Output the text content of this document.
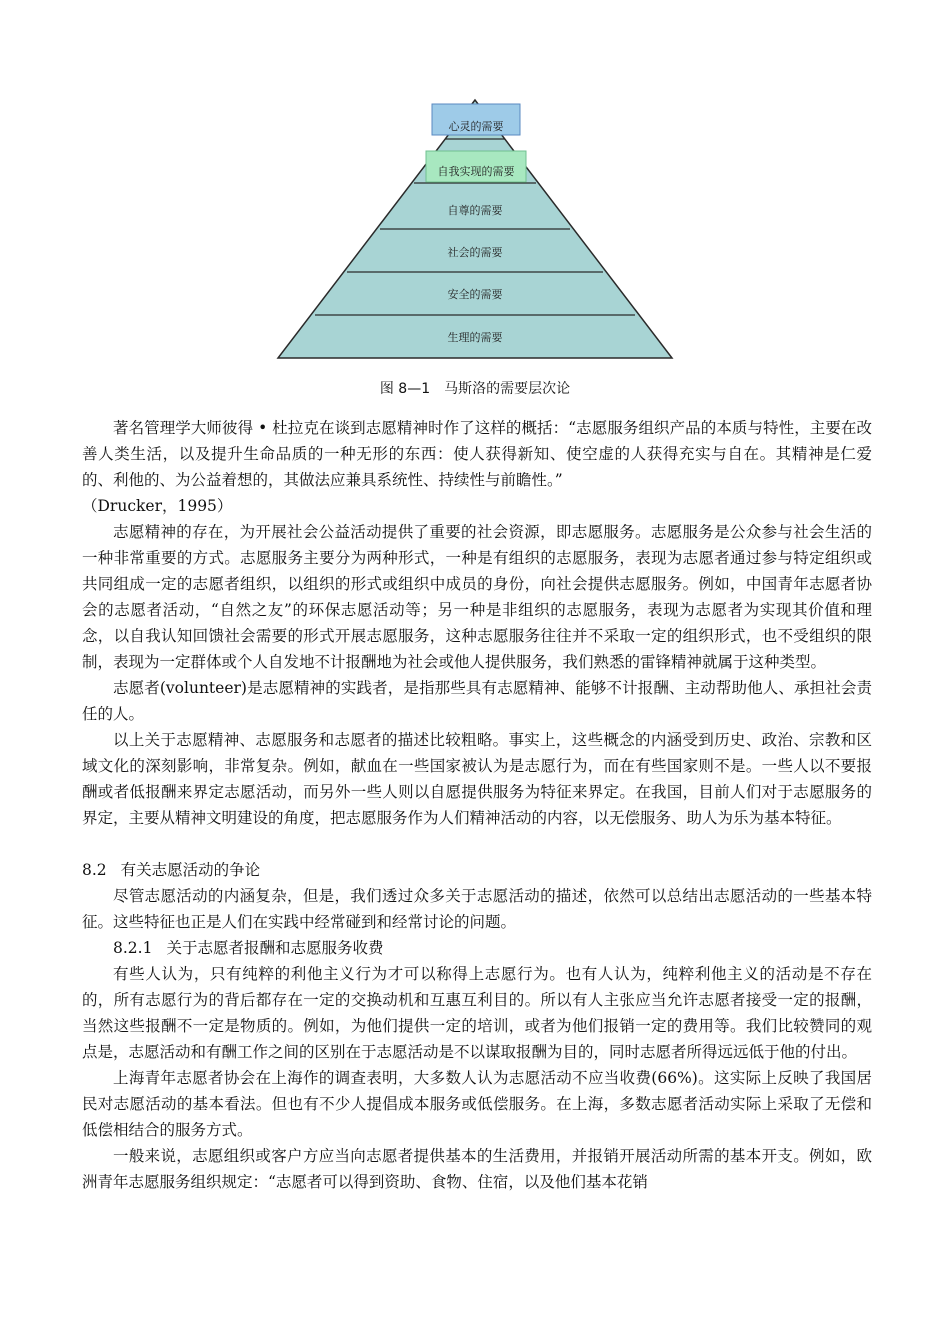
心灵的需要
自我实现的需要
自尊的需要
社会的需要
安全的需要
生理的需要
图 8—1 马斯洛的需要层次论

著名管理学大师彼得 • 杜拉克在谈到志愿精神时作了这样的概括：“志愿服务组织产品的本质与特性，主要在改善人类生活，以及提升生命品质的一种无形的东西：使人获得新知、使空虚的人获得充实与自在。其精神是仁爱的、利他的、为公益着想的，其做法应兼具系统性、持续性与前瞻性。”

（Drucker，1995）

志愿精神的存在，为开展社会公益活动提供了重要的社会资源，即志愿服务。志愿服务是公众参与社会生活的一种非常重要的方式。志愿服务主要分为两种形式，一种是有组织的志愿服务，表现为志愿者通过参与特定组织或共同组成一定的志愿者组织，以组织的形式或组织中成员的身份，向社会提供志愿服务。例如，中国青年志愿者协会的志愿者活动，“自然之友”的环保志愿活动等；另一种是非组织的志愿服务，表现为志愿者为实现其价值和理念，以自我认知回馈社会需要的形式开展志愿服务，这种志愿服务往往并不采取一定的组织形式，也不受组织的限制，表现为一定群体或个人自发地不计报酬地为社会或他人提供服务，我们熟悉的雷锋精神就属于这种类型。

志愿者(volunteer)是志愿精神的实践者，是指那些具有志愿精神、能够不计报酬、主动帮助他人、承担社会责任的人。

以上关于志愿精神、志愿服务和志愿者的描述比较粗略。事实上，这些概念的内涵受到历史、政治、宗教和区域文化的深刻影响，非常复杂。例如，献血在一些国家被认为是志愿行为，而在有些国家则不是。一些人以不要报酬或者低报酬来界定志愿活动，而另外一些人则以自愿提供服务为特征来界定。在我国，目前人们对于志愿服务的界定，主要从精神文明建设的角度，把志愿服务作为人们精神活动的内容，以无偿服务、助人为乐为基本特征。

8.2 有关志愿活动的争论

尽管志愿活动的内涵复杂，但是，我们透过众多关于志愿活动的描述，依然可以总结出志愿活动的一些基本特征。这些特征也正是人们在实践中经常碰到和经常讨论的问题。

8.2.1 关于志愿者报酬和志愿服务收费

有些人认为，只有纯粹的利他主义行为才可以称得上志愿行为。也有人认为，纯粹利他主义的活动是不存在的，所有志愿行为的背后都存在一定的交换动机和互惠互利目的。所以有人主张应当允许志愿者接受一定的报酬，当然这些报酬不一定是物质的。例如，为他们提供一定的培训，或者为他们报销一定的费用等。我们比较赞同的观点是，志愿活动和有酬工作之间的区别在于志愿活动是不以谋取报酬为目的，同时志愿者所得远远低于他的付出。

上海青年志愿者协会在上海作的调查表明，大多数人认为志愿活动不应当收费(66%)。这实际上反映了我国居民对志愿活动的基本看法。但也有不少人提倡成本服务或低偿服务。在上海，多数志愿者活动实际上采取了无偿和低偿相结合的服务方式。

一般来说，志愿组织或客户方应当向志愿者提供基本的生活费用，并报销开展活动所需的基本开支。例如，欧洲青年志愿服务组织规定：“志愿者可以得到资助、食物、住宿，以及他们基本花销
